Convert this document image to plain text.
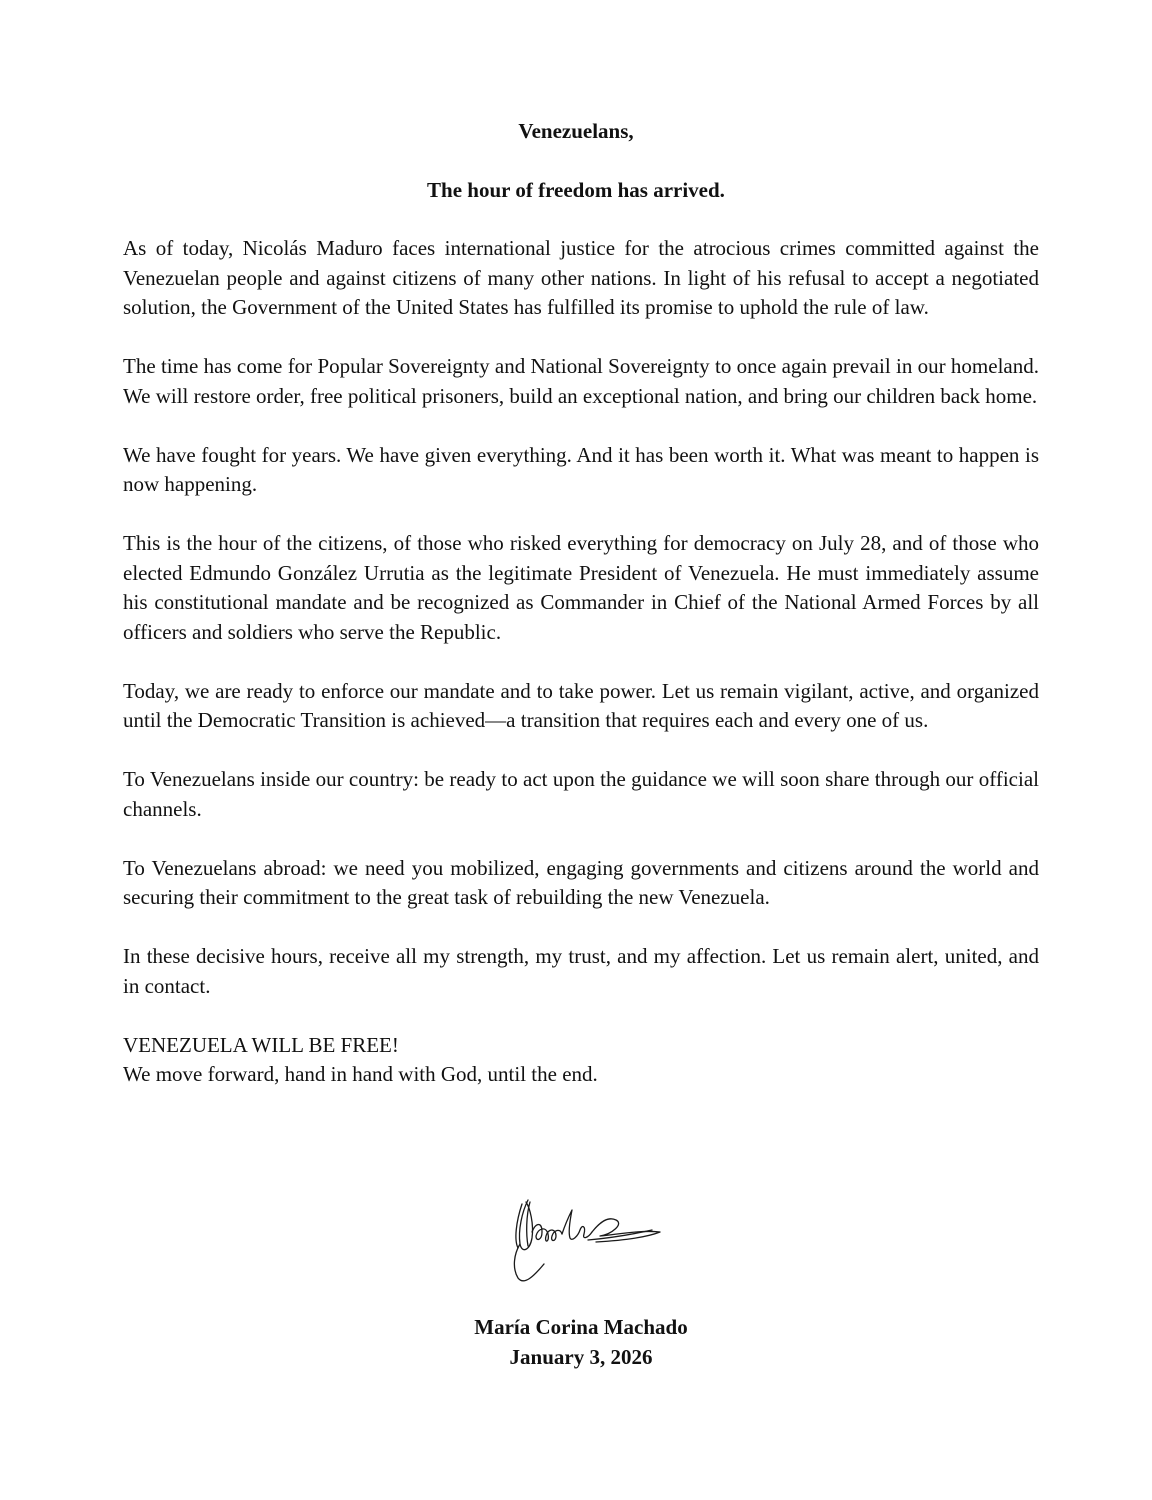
Venezuelans,
The hour of freedom has arrived.

As of today, Nicolás Maduro faces international justice for the atrocious crimes committed against the Venezuelan people and against citizens of many other nations. In light of his refusal to accept a negotiated solution, the Government of the United States has fulfilled its promise to uphold the rule of law.

The time has come for Popular Sovereignty and National Sovereignty to once again prevail in our homeland. We will restore order, free political prisoners, build an exceptional nation, and bring our children back home.

We have fought for years. We have given everything. And it has been worth it. What was meant to happen is now happening.

This is the hour of the citizens, of those who risked everything for democracy on July 28, and of those who elected Edmundo González Urrutia as the legitimate President of Venezuela. He must immediately assume his constitutional mandate and be recognized as Commander in Chief of the National Armed Forces by all officers and soldiers who serve the Republic.

Today, we are ready to enforce our mandate and to take power. Let us remain vigilant, active, and organized until the Democratic Transition is achieved—a transition that requires each and every one of us.

To Venezuelans inside our country: be ready to act upon the guidance we will soon share through our official channels.

To Venezuelans abroad: we need you mobilized, engaging governments and citizens around the world and securing their commitment to the great task of rebuilding the new Venezuela.

In these decisive hours, receive all my strength, my trust, and my affection. Let us remain alert, united, and in contact.

VENEZUELA WILL BE FREE!
We move forward, hand in hand with God, until the end.

María Corina Machado
January 3, 2026
